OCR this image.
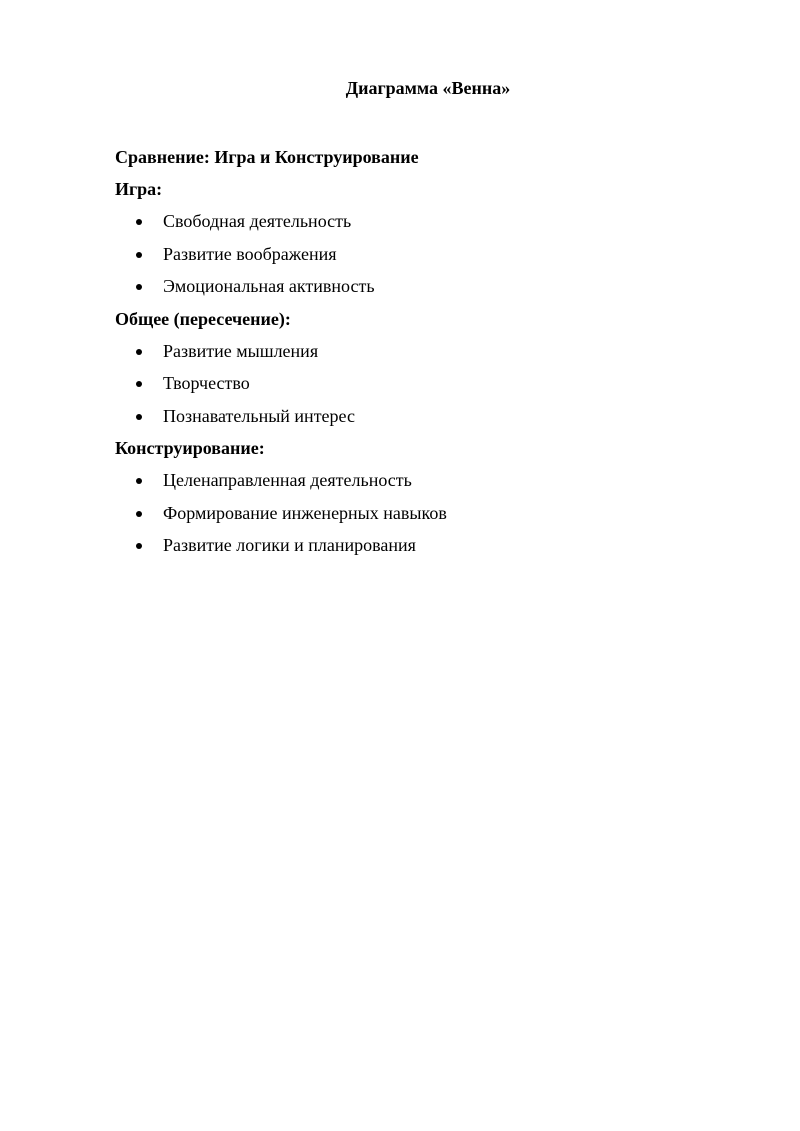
Диаграмма «Венна»
Сравнение: Игра и Конструирование
Игра:
Свободная деятельность
Развитие воображения
Эмоциональная активность
Общее (пересечение):
Развитие мышления
Творчество
Познавательный интерес
Конструирование:
Целенаправленная деятельность
Формирование инженерных навыков
Развитие логики и планирования
